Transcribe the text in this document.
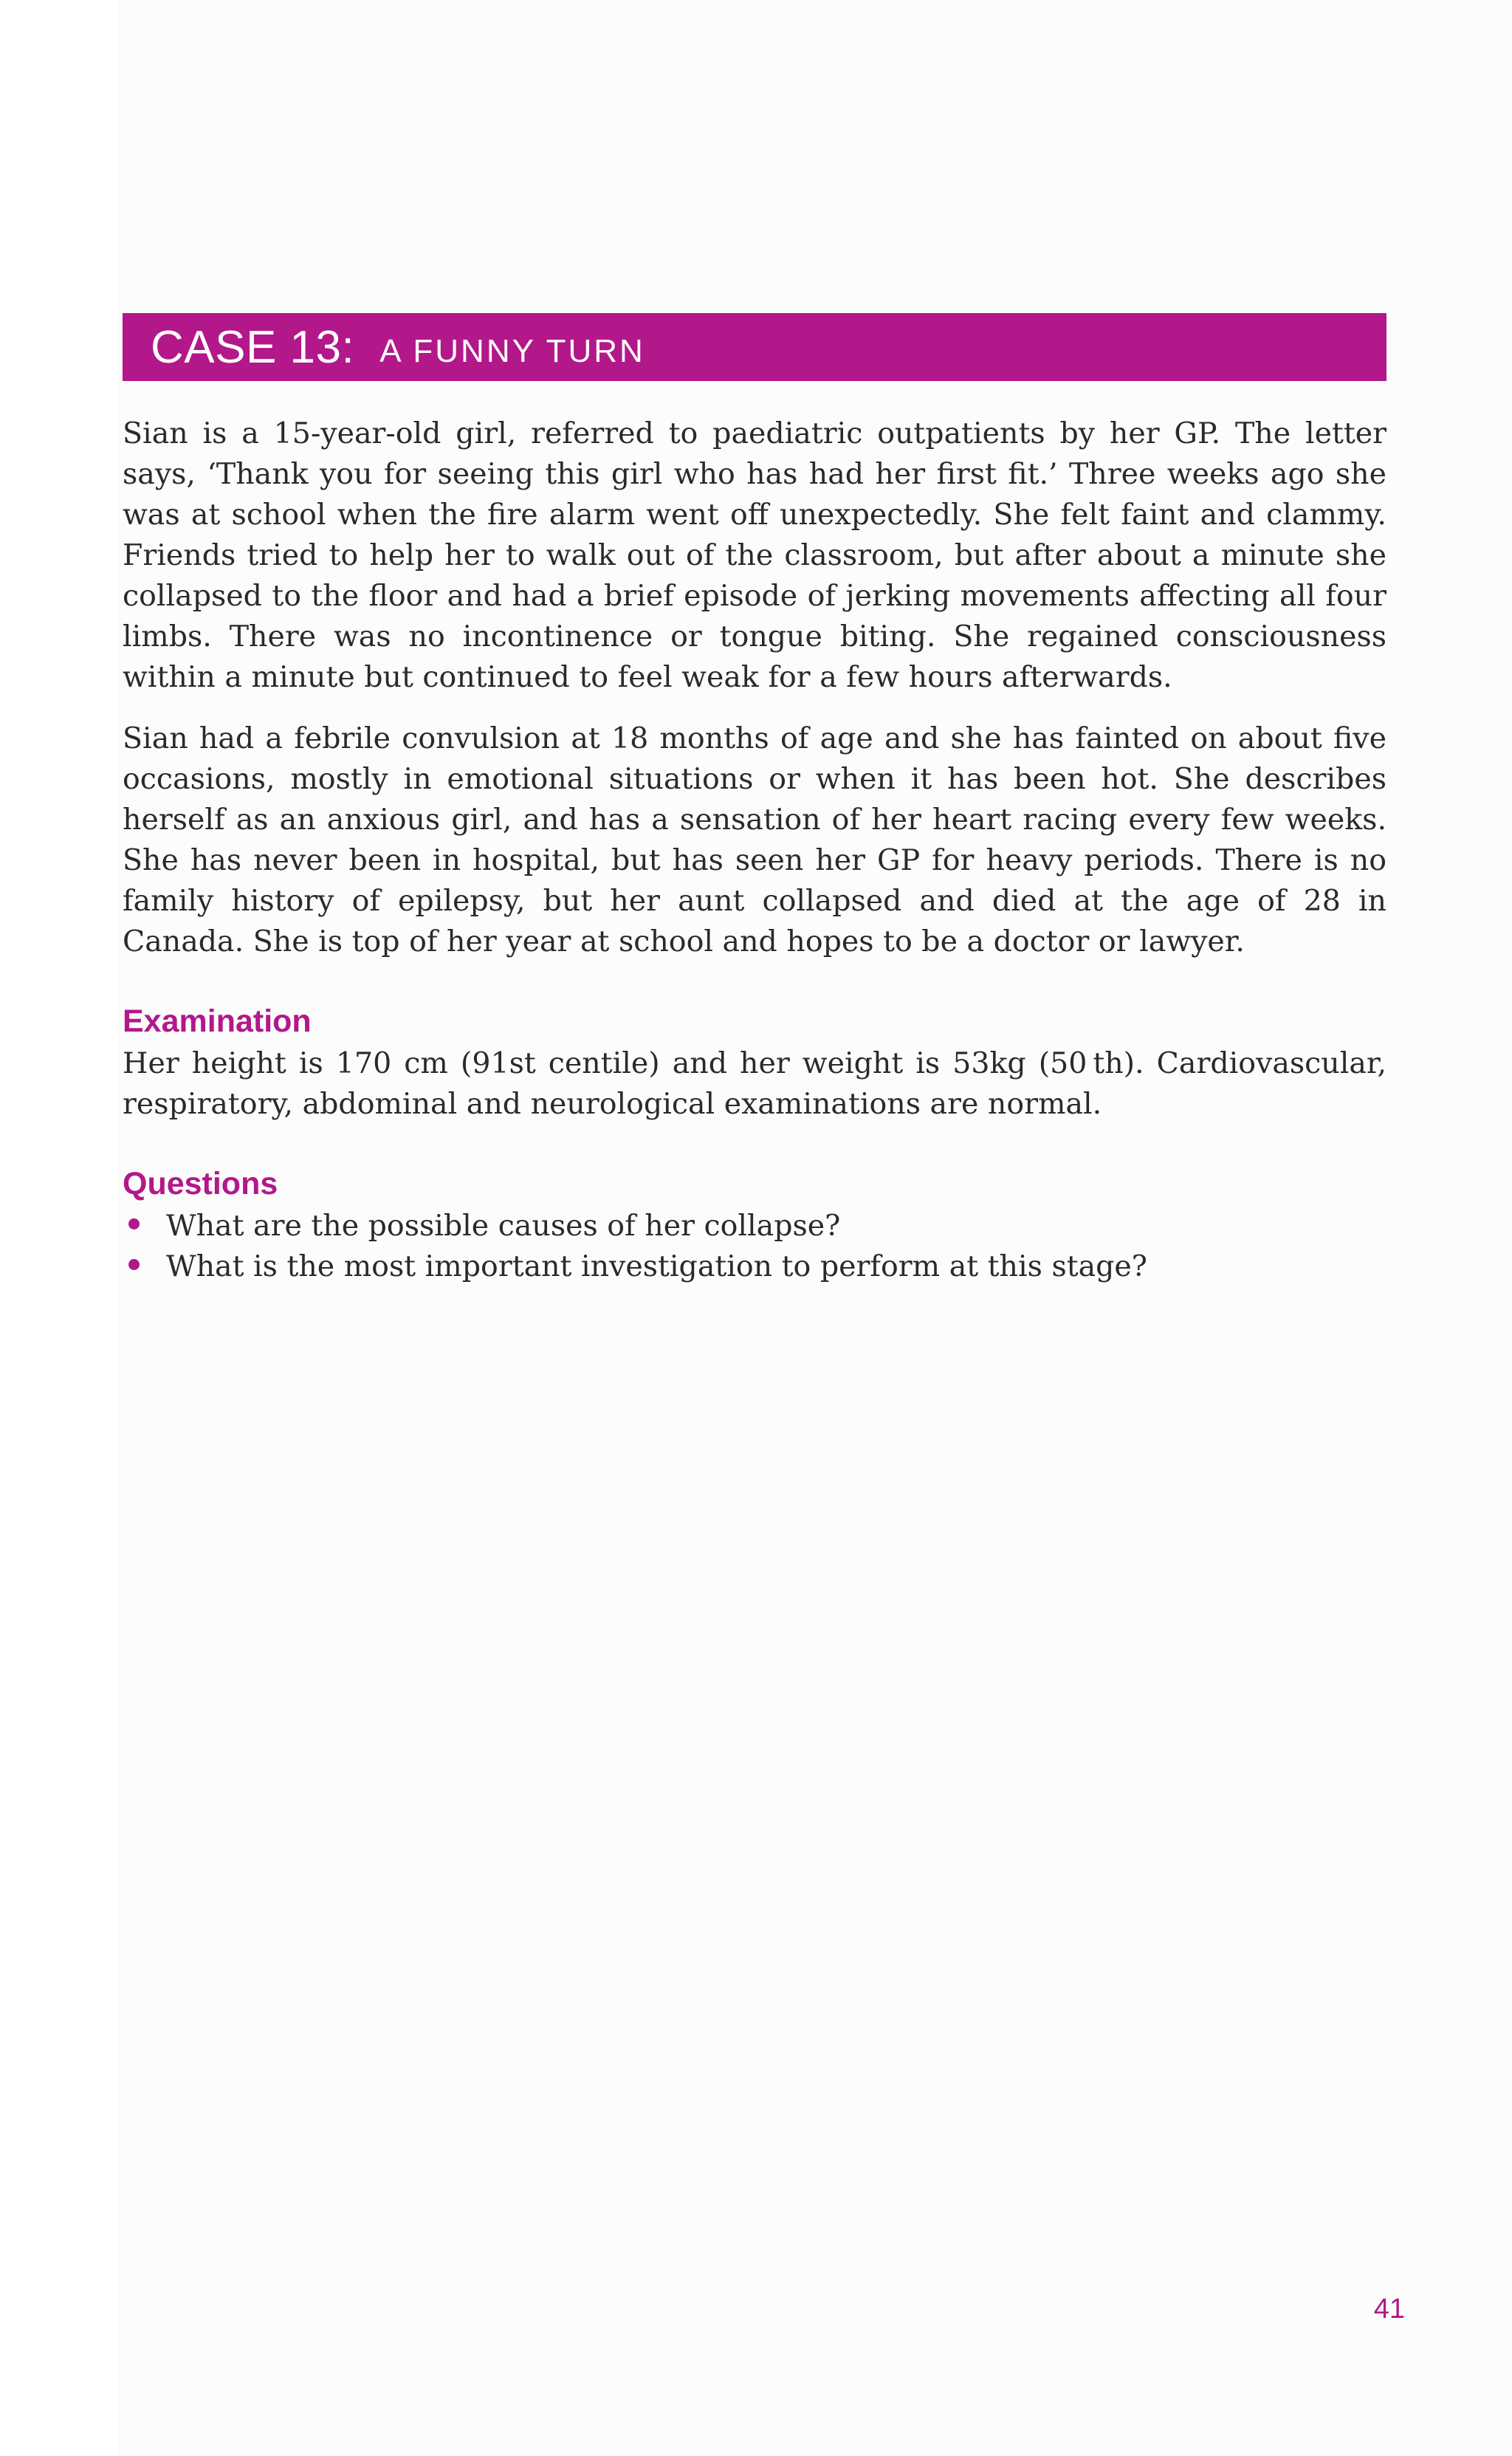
CASE 13: A FUNNY TURN

Sian is a 15-year-old girl, referred to paediatric outpatients by her GP. The letter says, ‘Thank you for seeing this girl who has had her first fit.’ Three weeks ago she was at school when the fire alarm went off unexpectedly. She felt faint and clammy. Friends tried to help her to walk out of the classroom, but after about a minute she collapsed to the floor and had a brief episode of jerking movements affecting all four limbs. There was no incontinence or tongue biting. She regained consciousness within a minute but continued to feel weak for a few hours afterwards.

Sian had a febrile convulsion at 18 months of age and she has fainted on about five occasions, mostly in emotional situations or when it has been hot. She describes herself as an anxious girl, and has a sensation of her heart racing every few weeks. She has never been in hospital, but has seen her GP for heavy periods. There is no family history of epilepsy, but her aunt collapsed and died at the age of 28 in Canada. She is top of her year at school and hopes to be a doctor or lawyer.

Examination

Her height is 170 cm (91st centile) and her weight is 53kg (50 th). Cardiovascular, respiratory, abdominal and neurological examinations are normal.

Questions
What are the possible causes of her collapse?
What is the most important investigation to perform at this stage?
41
